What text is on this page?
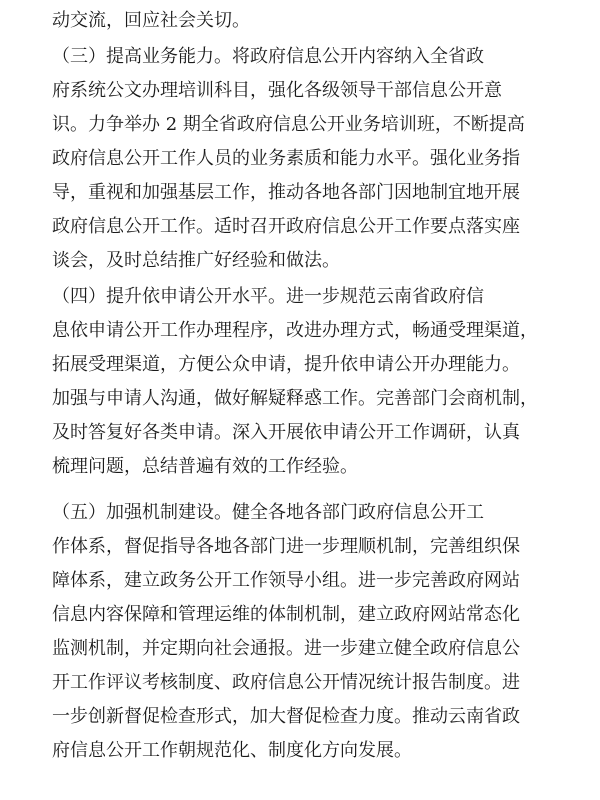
动交流，回应社会关切。
（三）提高业务能力。将政府信息公开内容纳入全省政
府系统公文办理培训科目，强化各级领导干部信息公开意
识。力争举办 2 期全省政府信息公开业务培训班，不断提高
政府信息公开工作人员的业务素质和能力水平。强化业务指
导，重视和加强基层工作，推动各地各部门因地制宜地开展
政府信息公开工作。适时召开政府信息公开工作要点落实座
谈会，及时总结推广好经验和做法。
（四）提升依申请公开水平。进一步规范云南省政府信
息依申请公开工作办理程序，改进办理方式，畅通受理渠道，
拓展受理渠道，方便公众申请，提升依申请公开办理能力。
加强与申请人沟通，做好解疑释惑工作。完善部门会商机制，
及时答复好各类申请。深入开展依申请公开工作调研，认真
梳理问题，总结普遍有效的工作经验。
（五）加强机制建设。健全各地各部门政府信息公开工
作体系，督促指导各地各部门进一步理顺机制，完善组织保
障体系，建立政务公开工作领导小组。进一步完善政府网站
信息内容保障和管理运维的体制机制，建立政府网站常态化
监测机制，并定期向社会通报。进一步建立健全政府信息公
开工作评议考核制度、政府信息公开情况统计报告制度。进
一步创新督促检查形式，加大督促检查力度。推动云南省政
府信息公开工作朝规范化、制度化方向发展。
